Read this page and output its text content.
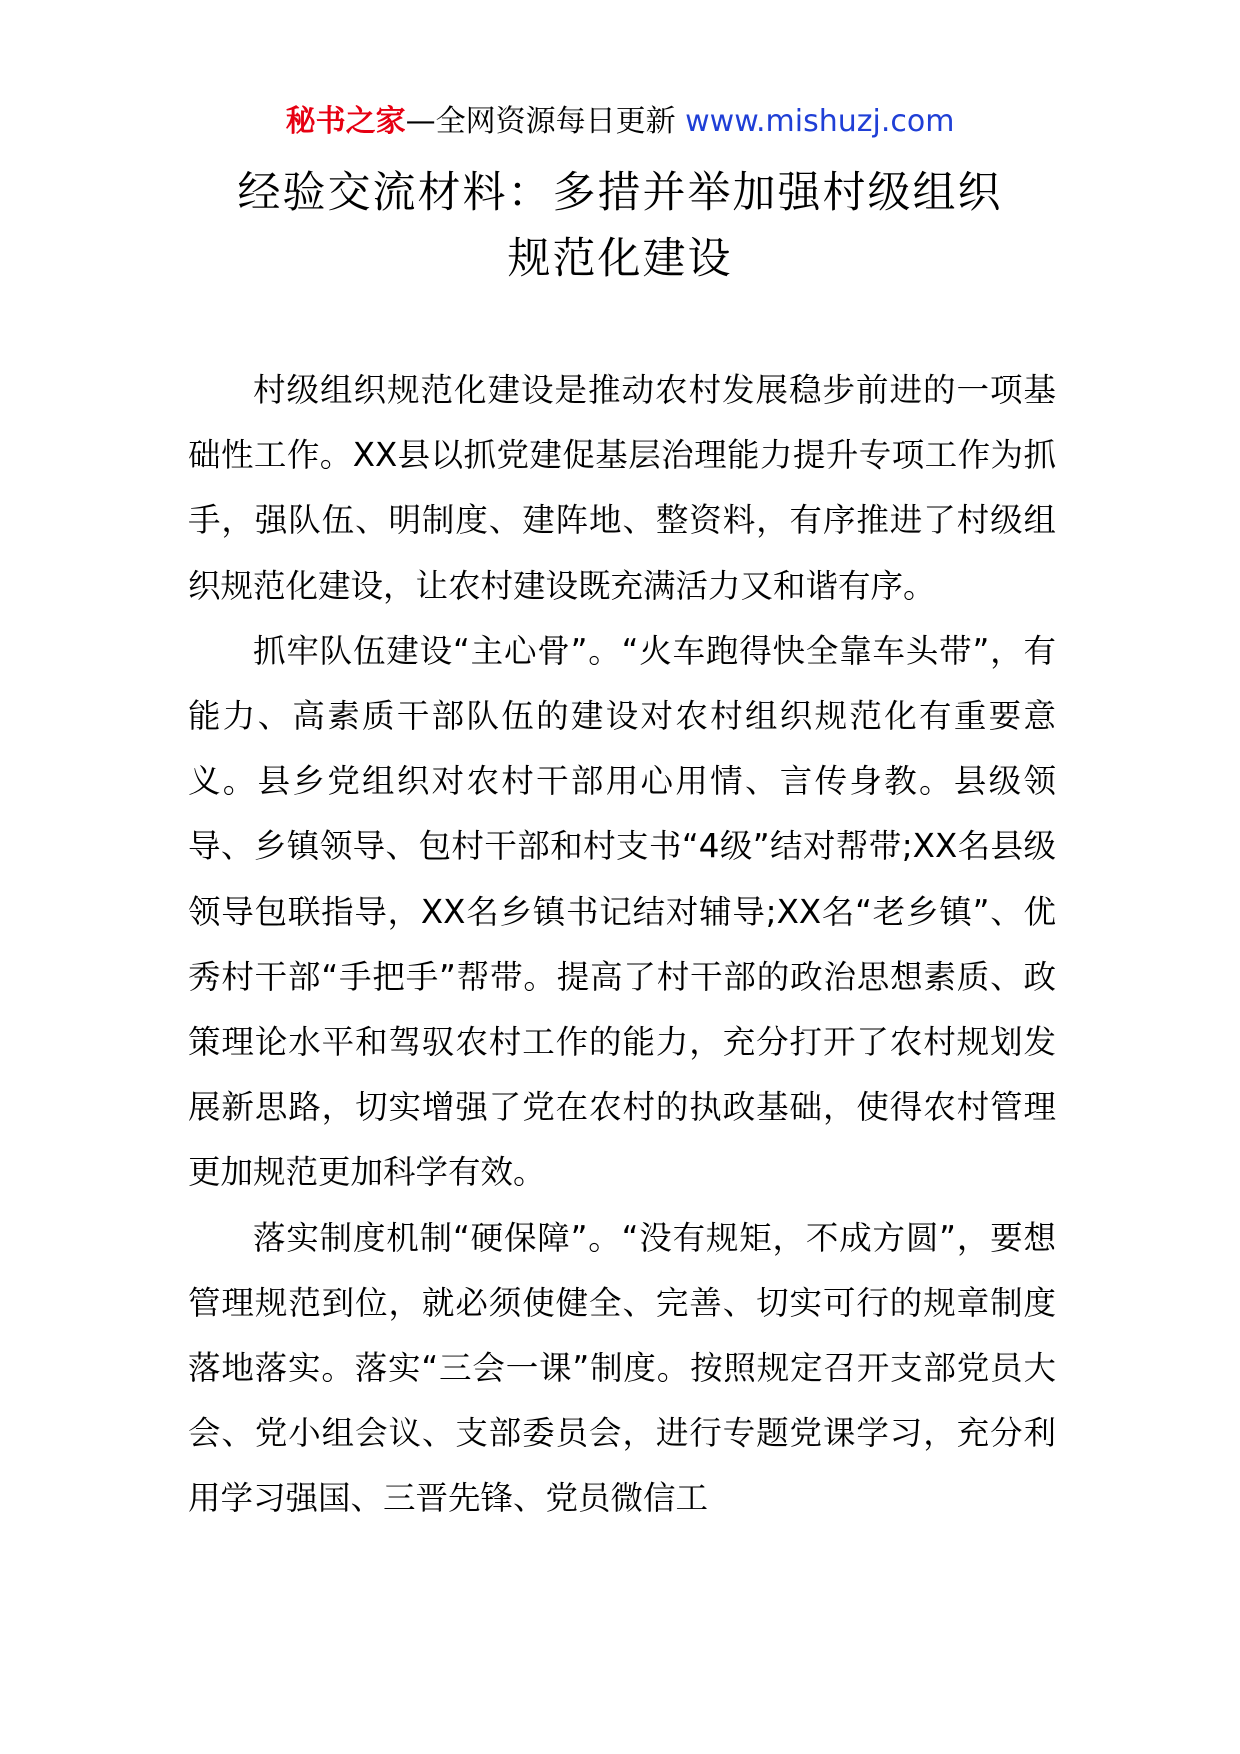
秘书之家—全网资源每日更新 www.mishuzj.com
经验交流材料：多措并举加强村级组织
规范化建设

村级组织规范化建设是推动农村发展稳步前进的一项基础性工作。XX县以抓党建促基层治理能力提升专项工作为抓手，强队伍、明制度、建阵地、整资料，有序推进了村级组织规范化建设，让农村建设既充满活力又和谐有序。

抓牢队伍建设“主心骨”。“火车跑得快全靠车头带”，有能力、高素质干部队伍的建设对农村组织规范化有重要意义。县乡党组织对农村干部用心用情、言传身教。县级领导、乡镇领导、包村干部和村支书“4级”结对帮带;XX名县级领导包联指导，XX名乡镇书记结对辅导;XX名“老乡镇”、优秀村干部“手把手”帮带。提高了村干部的政治思想素质、政策理论水平和驾驭农村工作的能力，充分打开了农村规划发展新思路，切实增强了党在农村的执政基础，使得农村管理更加规范更加科学有效。

落实制度机制“硬保障”。“没有规矩，不成方圆”，要想管理规范到位，就必须使健全、完善、切实可行的规章制度落地落实。落实“三会一课”制度。按照规定召开支部党员大会、党小组会议、支部委员会，进行专题党课学习，充分利用学习强国、三晋先锋、党员微信工
